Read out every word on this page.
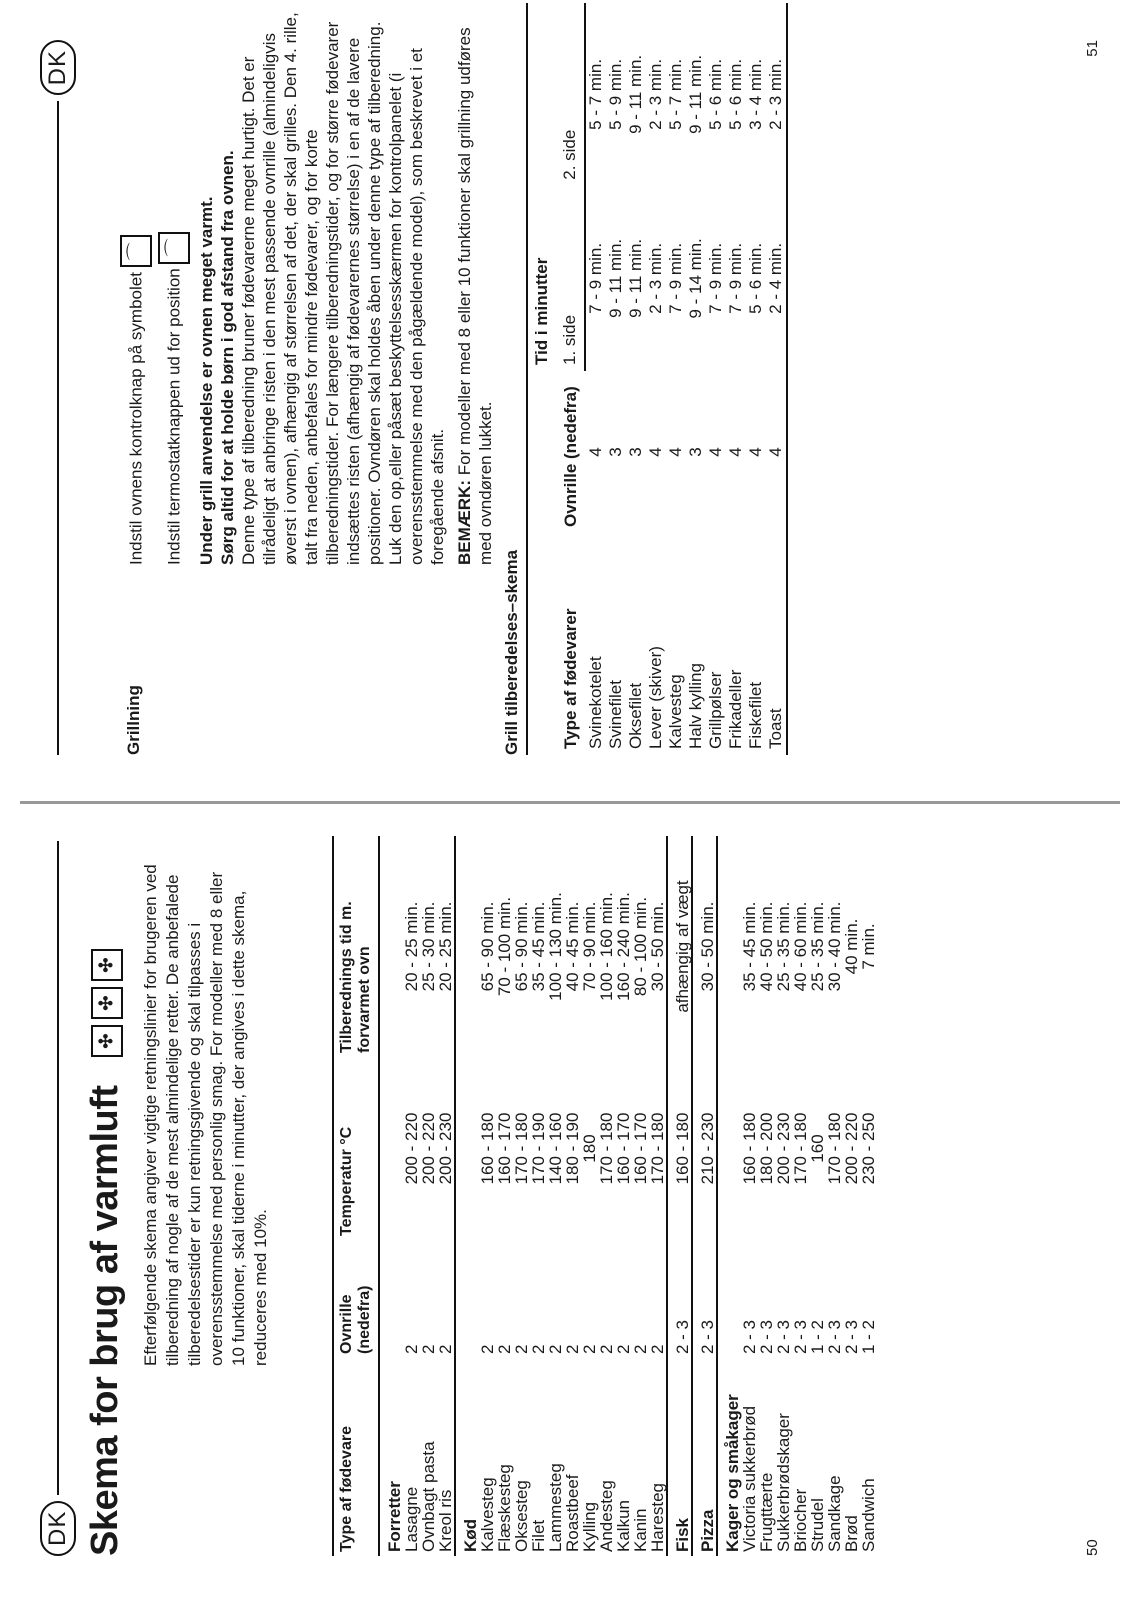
DK Skema for brug af varmluft
✣
✣
✣	Efterfølgende skema angiver vigtige retningslinier for brugeren ved tilberedning af nogle af de mest almindelige retter. De anbefalede tilberedelsestider er kun retningsgivende og skal tilpasses i overensstemmelse med personlig smag. For modeller med 8 eller 10 funktioner, skal tiderne i minutter, der angives i dette skema, reduceres med 10%.
Type af fødevare	Ovnrille (nedefra)	Temperatur °C	Tilberednings tid m. forvarmet ovn
Forretter			
Lasagne	2	200 - 220	20 - 25 min.
Ovnbagt pasta	2	200 - 220	25 - 30 min.
Kreol ris	2	200 - 230	20 - 25 min.
Kød			
Kalvesteg	2	160 - 180	65 - 90 min.
Flæskesteg	2	160 - 170	70 - 100 min.
Oksesteg	2	170 - 180	65 - 90 min.
Filet	2	170 - 190	35 - 45 min.
Lammesteg	2	140 - 160	100 - 130 min.
Roastbeef	2	180 - 190	40 - 45 min.
Kylling	2	180	70 - 90 min.
Andesteg	2	170 - 180	100 - 160 min.
Kalkun	2	160 - 170	160 - 240 min.
Kanin	2	160 - 170	80 - 100 min.
Haresteg	2	170 - 180	30 - 50 min.
Fisk	2 - 3	160 - 180	afhængig af vægt
Pizza	2 - 3	210 - 230	30 - 50 min.
Kager og småkager			
Victoria sukkerbrød	2 - 3	160 - 180	35 - 45 min.
Frugttærte	2 - 3	180 - 200	40 - 50 min.
Sukkerbrødskager	2 - 3	200 - 230	25 - 35 min.
Briocher	2 - 3	170 - 180	40 - 60 min.
Strudel	1 - 2	160	25 - 35 min.
Sandkage	2 - 3	170 - 180	30 - 40 min.
Brød	2 - 3	200 - 220	40 min.
Sandwich	1 - 2	230 - 250	7 min.
50
DK
Grillning

Indstil ovnens kontrolknap på symbolet ⌒

Indstil termostatknappen ud for position ⌒ Under grill anvendelse er ovnen meget varmt. Sørg altid for at holde børn i god afstand fra ovnen. Denne type af tilberedning bruner fødevarerne meget hurtigt. Det er tilrådeligt at anbringe risten i den mest passende ovnrille (almindeligvis øverst i ovnen), afhængig af størrelsen af det, der skal grilles. Den 4. rille, talt fra neden, anbefales for mindre fødevarer, og for korte tilberedningstider. For længere tilberedningstider, og for større fødevarer indsættes risten (afhængig af fødevarernes størrelse) i en af de lavere positioner. Ovndøren skal holdes åben under denne type af tilberedning. Luk den op,eller påsæt beskyttelsesskærmen for kontrolpanelet (i overensstemmelse med den pågældende model), som beskrevet i et foregående afsnit. BEMÆRK: For modeller med 8 eller 10 funktioner skal grillning udføres med ovndøren lukket.

Grill tilberedelses–skema Type af fødevarer	Ovnrille (nedefra)	Tid i minutter	
		1. side	2. side
Svinekotelet	4	7 - 9 min.	5 - 7 min.
Svinefilet	3	9 - 11 min.	5 - 9 min.
Oksefilet	3	9 - 11 min.	9 - 11 min.
Lever (skiver)	4	2 - 3 min.	2 - 3 min.
Kalvesteg	4	7 - 9 min.	5 - 7 min.
Halv kylling	3	9 - 14 min.	9 - 11 min.
Grillpølser	4	7 - 9 min.	5 - 6 min.
Frikadeller	4	7 - 9 min.	5 - 6 min.
Fiskefilet	4	5 - 6 min.	3 - 4 min.
Toast	4	2 - 4 min.	2 - 3 min.
51
